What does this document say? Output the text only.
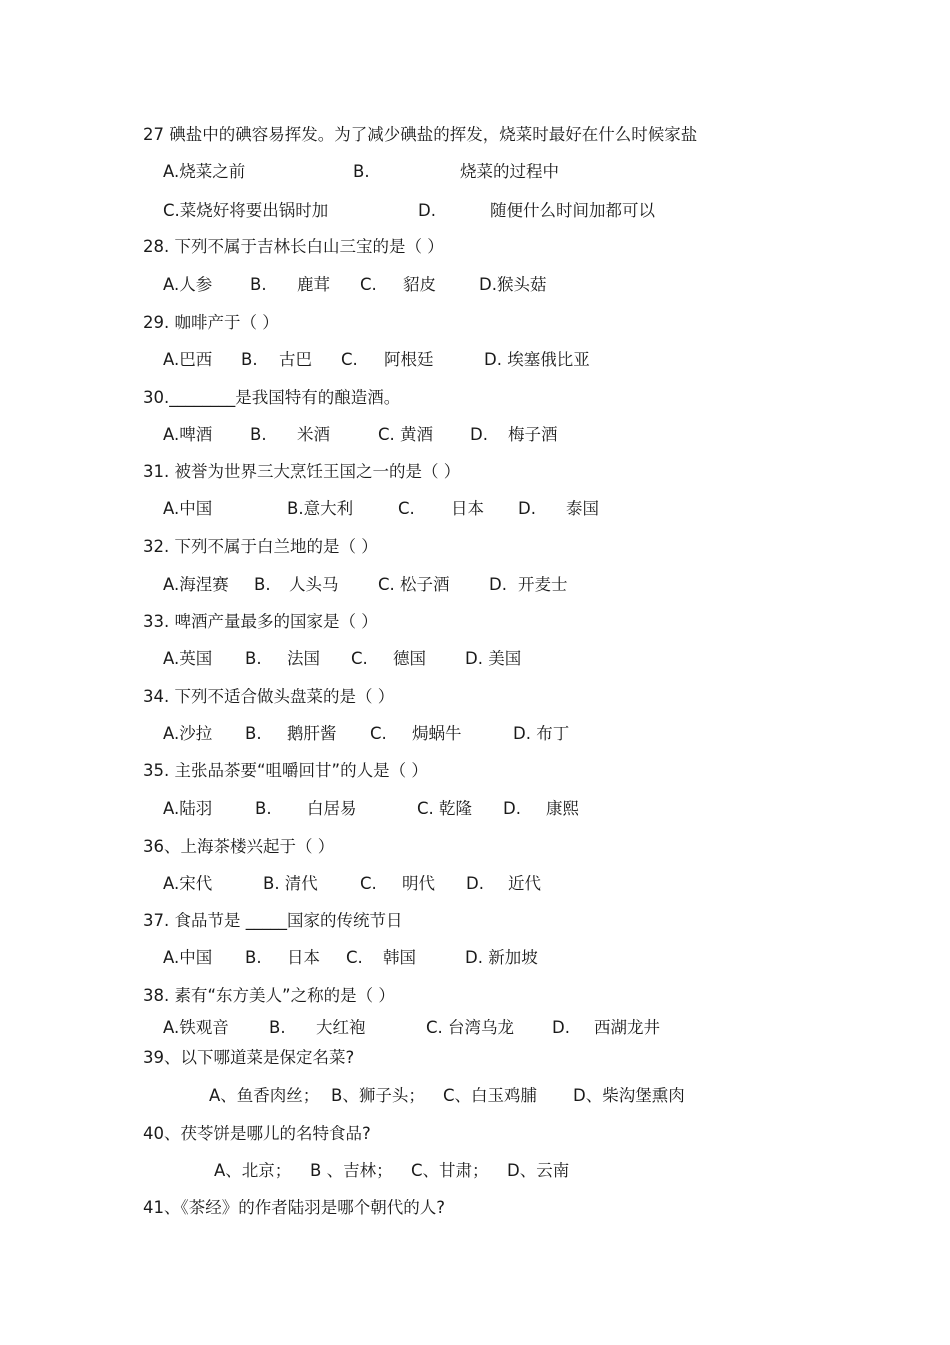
27 碘盐中的碘容易挥发。为了减少碘盐的挥发，烧菜时最好在什么时候家盐
A.烧菜之前	B.	烧菜的过程中
C.菜烧好将要出锅时加	D.	随便什么时间加都可以
28. 下列不属于吉林长白山三宝的是（ ）
A.人参 B. 鹿茸 C. 貂皮	D.猴头菇
29. 咖啡产于（ ）
A.巴西 B. 古巴 C. 阿根廷	D. 埃塞俄比亚
30.________是我国特有的酿造酒。
A.啤酒 B. 米酒	C. 黄酒 D. 梅子酒
31. 被誉为世界三大烹饪王国之一的是（ ）
A.中国	B.意大利	C. 日本 D. 泰国
32. 下列不属于白兰地的是（ ）
A.海涅赛 B. 人头马 C. 松子酒 D. 开麦士
33. 啤酒产量最多的国家是（ ）
A.英国 B. 法国 C. 德国 D. 美国
34. 下列不适合做头盘菜的是（ ）
A.沙拉 B. 鹅肝酱 C. 焗蜗牛	D. 布丁
35. 主张品茶要“咀嚼回甘”的人是（ ）
A.陆羽	B. 白居易	C. 乾隆 D. 康熙
36、上海茶楼兴起于（ ）
A.宋代	B. 清代	C. 明代 D. 近代
37. 食品节是 _____国家的传统节日
A.中国 B. 日本 C. 韩国	D. 新加坡
38. 素有“东方美人”之称的是（ ）
A.铁观音 B. 大红袍	C. 台湾乌龙 D. 西湖龙井
39、以下哪道菜是保定名菜?
A、鱼香肉丝； B、狮子头； C、白玉鸡脯 D、柴沟堡熏肉
40、茯苓饼是哪儿的名特食品?
A、北京； B 、吉林； C、甘肃； D、云南
41、《茶经》的作者陆羽是哪个朝代的人?
